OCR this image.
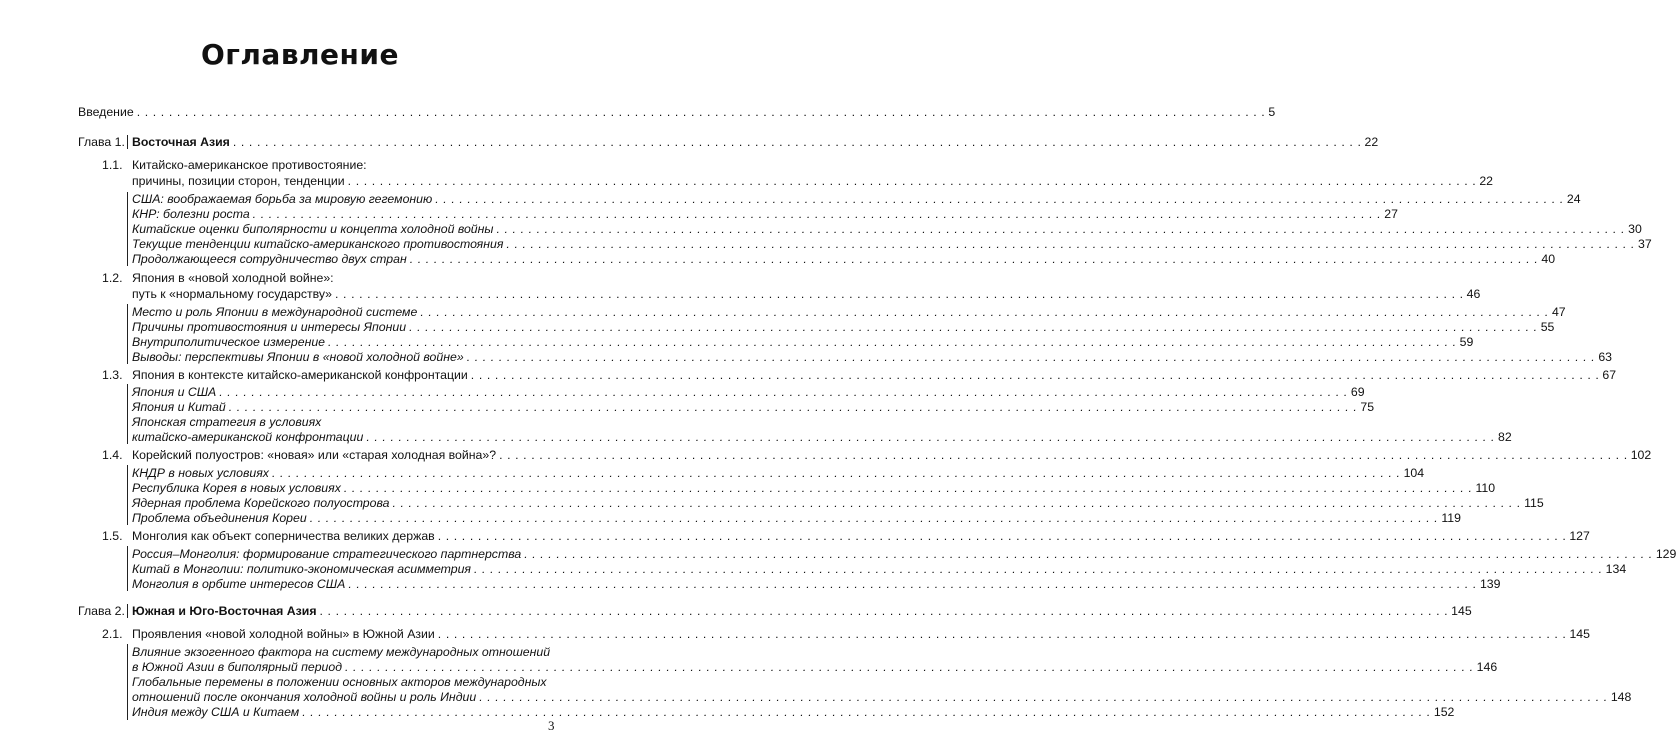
Оглавление
Введение . . .	5
Глава 1. Восточная Азия . . .	22
1.1. Китайско-американское противостояние:
причины, позиции сторон, тенденции . . .	22
США: воображаемая борьба за мировую гегемонию . . .	24
КНР: болезни роста . . .	27
Китайские оценки биполярности и концепта холодной войны . . .	30
Текущие тенденции китайско-американского противостояния . . .	37
Продолжающееся сотрудничество двух стран . . .	40
1.2. Япония в «новой холодной войне»:
путь к «нормальному государству» . . .	46
Место и роль Японии в международной системе . . .	47
Причины противостояния и интересы Японии . . .	55
Внутриполитическое измерение . . .	59
Выводы: перспективы Японии в «новой холодной войне» . . .	63
1.3. Япония в контексте китайско-американской конфронтации . . .	67
Япония и США . . .	69
Япония и Китай . . .	75
Японская стратегия в условиях
китайско-американской конфронтации . . .	82
1.4. Корейский полуостров: «новая» или «старая холодная война»? . . .	102
КНДР в новых условиях . . .	104
Республика Корея в новых условиях . . .	110
Ядерная проблема Корейского полуострова . . .	115
Проблема объединения Кореи . . .	119
1.5. Монголия как объект соперничества великих держав . . .	127
Россия–Монголия: формирование стратегического партнерства . . .	129
Китай в Монголии: политико-экономическая асимметрия . . .	134
Монголия в орбите интересов США . . .	139
Глава 2. Южная и Юго-Восточная Азия . . .	145
2.1. Проявления «новой холодной войны» в Южной Азии . . .	145
Влияние экзогенного фактора на систему международных отношений
в Южной Азии в биполярный период . . .	146
Глобальные перемены в положении основных акторов международных
отношений после окончания холодной войны и роль Индии . . .	148
Индия между США и Китаем . . .	152
3
